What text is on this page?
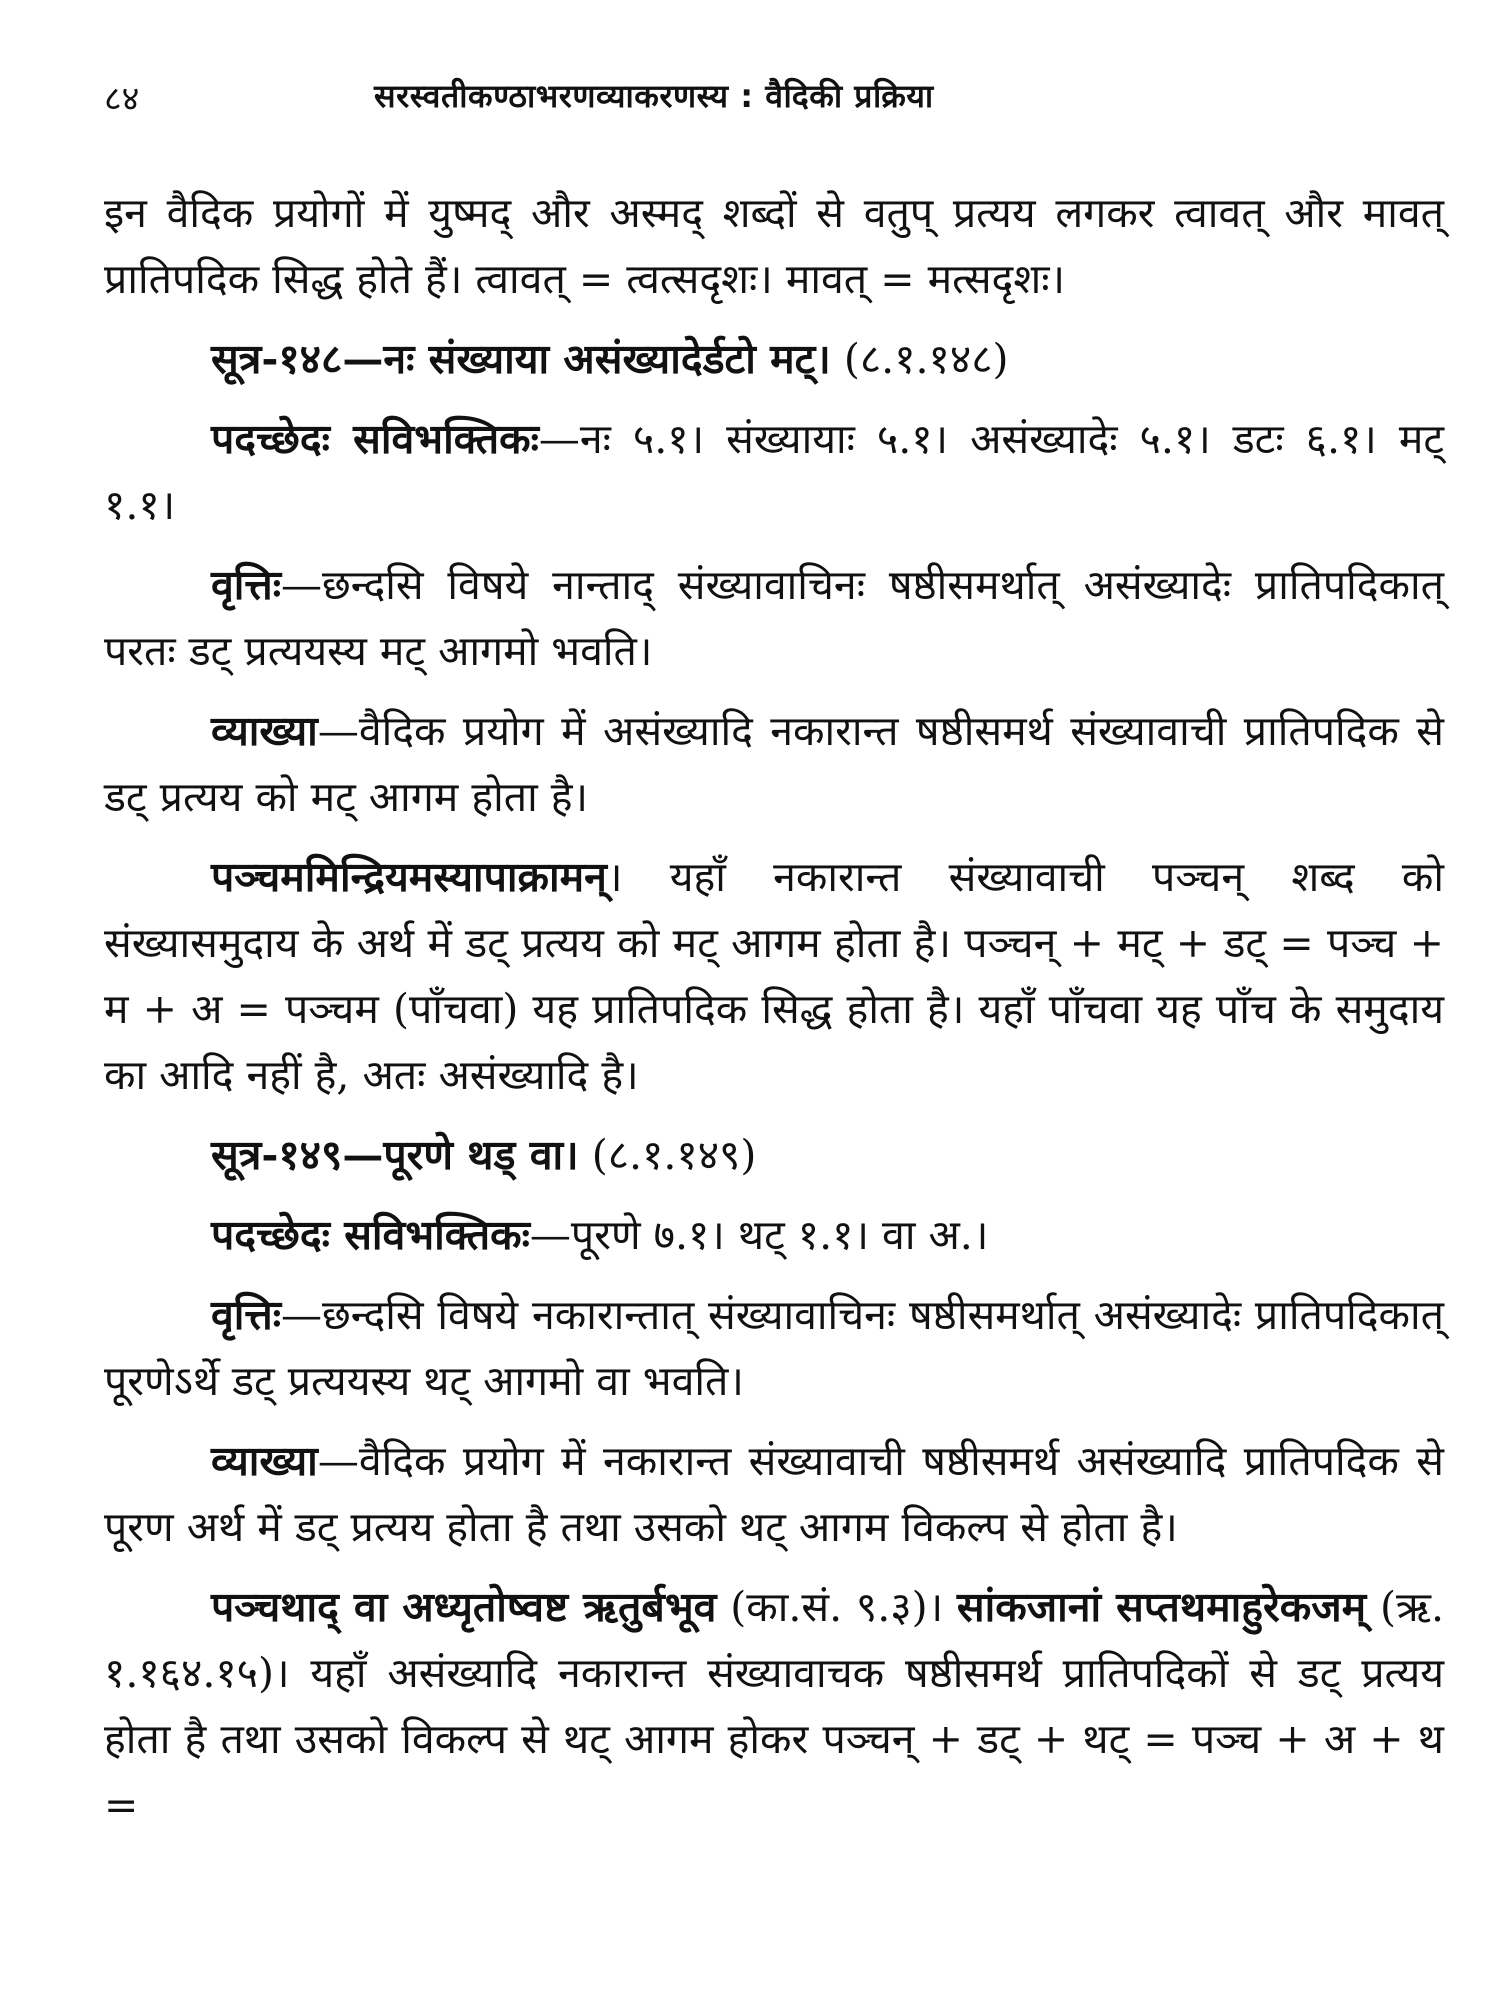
८४	सरस्वतीकण्ठाभरणव्याकरणस्य : वैदिकी प्रक्रिया

इन वैदिक प्रयोगों में युष्मद् और अस्मद् शब्दों से वतुप् प्रत्यय लगकर त्वावत् और मावत् प्रातिपदिक सिद्ध होते हैं। त्वावत् = त्वत्सदृशः। मावत् = मत्सदृशः।

सूत्र-१४८—नः संख्याया असंख्यादेर्डटो मट्। (८.१.१४८)

पदच्छेदः सविभक्तिकः—नः ५.१। संख्यायाः ५.१। असंख्यादेः ५.१। डटः ६.१। मट् १.१।

वृत्तिः—छन्दसि विषये नान्ताद् संख्यावाचिनः षष्ठीसमर्थात् असंख्यादेः प्रातिपदिकात् परतः डट् प्रत्ययस्य मट् आगमो भवति।

व्याख्या—वैदिक प्रयोग में असंख्यादि नकारान्त षष्ठीसमर्थ संख्यावाची प्रातिपदिक से डट् प्रत्यय को मट् आगम होता है।

पञ्चममिन्द्रियमस्यापाक्रामन्। यहाँ नकारान्त संख्यावाची पञ्चन् शब्द को संख्यासमुदाय के अर्थ में डट् प्रत्यय को मट् आगम होता है। पञ्चन् + मट् + डट् = पञ्च + म + अ = पञ्चम (पाँचवा) यह प्रातिपदिक सिद्ध होता है। यहाँ पाँचवा यह पाँच के समुदाय का आदि नहीं है, अतः असंख्यादि है।

सूत्र-१४९—पूरणे थड् वा। (८.१.१४९)

पदच्छेदः सविभक्तिकः—पूरणे ७.१। थट् १.१। वा अ.।

वृत्तिः—छन्दसि विषये नकारान्तात् संख्यावाचिनः षष्ठीसमर्थात् असंख्यादेः प्रातिपदिकात् पूरणेऽर्थे डट् प्रत्ययस्य थट् आगमो वा भवति।

व्याख्या—वैदिक प्रयोग में नकारान्त संख्यावाची षष्ठीसमर्थ असंख्यादि प्रातिपदिक से पूरण अर्थ में डट् प्रत्यय होता है तथा उसको थट् आगम विकल्प से होता है।

पञ्चथाद् वा अध्यृतोष्वष्ट ऋतुर्बभूव (का.सं. ९.३)। सांकजानां सप्तथमाहुरेकजम् (ऋ. १.१६४.१५)। यहाँ असंख्यादि नकारान्त संख्यावाचक षष्ठीसमर्थ प्रातिपदिकों से डट् प्रत्यय होता है तथा उसको विकल्प से थट् आगम होकर पञ्चन् + डट् + थट् = पञ्च + अ + थ =
